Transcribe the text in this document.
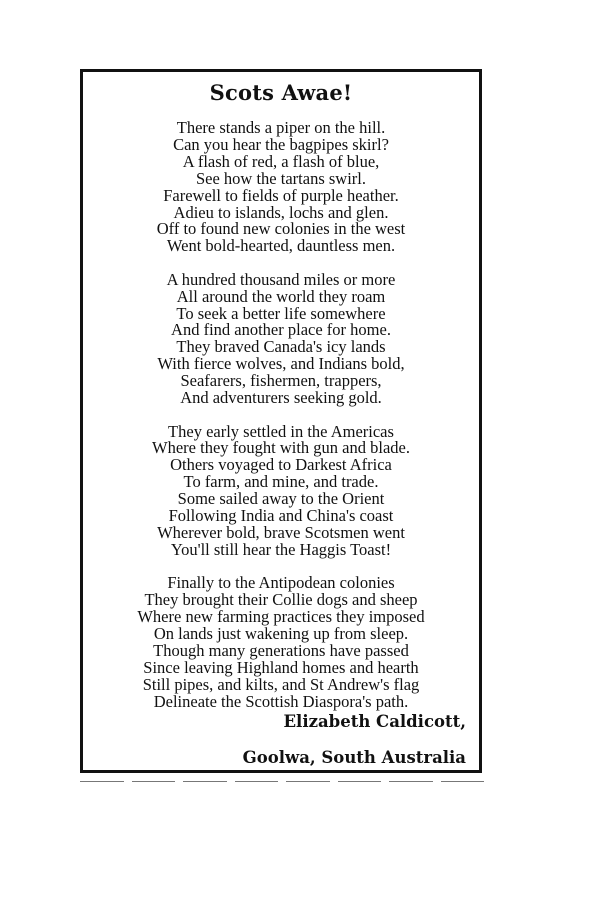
Scots Awae!
There stands a piper on the hill.
Can you hear the bagpipes skirl?
A flash of red, a flash of blue,
See how the tartans swirl.
Farewell to fields of purple heather.
Adieu to islands, lochs and glen.
Off to found new colonies in the west
Went bold-hearted, dauntless men.
A hundred thousand miles or more
All around the world they roam
To seek a better life somewhere
And find another place for home.
They braved Canada's icy lands
With fierce wolves, and Indians bold,
Seafarers, fishermen, trappers,
And adventurers seeking gold.
They early settled in the Americas
Where they fought with gun and blade.
Others voyaged to Darkest Africa
To farm, and mine, and trade.
Some sailed away to the Orient
Following India and China's coast
Wherever bold, brave Scotsmen went
You'll still hear the Haggis Toast!
Finally to the Antipodean colonies
They brought their Collie dogs and sheep
Where new farming practices they imposed
On lands just wakening up from sleep.
Though many generations have passed
Since leaving Highland homes and hearth
Still pipes, and kilts, and St Andrew's flag
Delineate the Scottish Diaspora's path.
Elizabeth Caldicott,
Goolwa, South Australia
